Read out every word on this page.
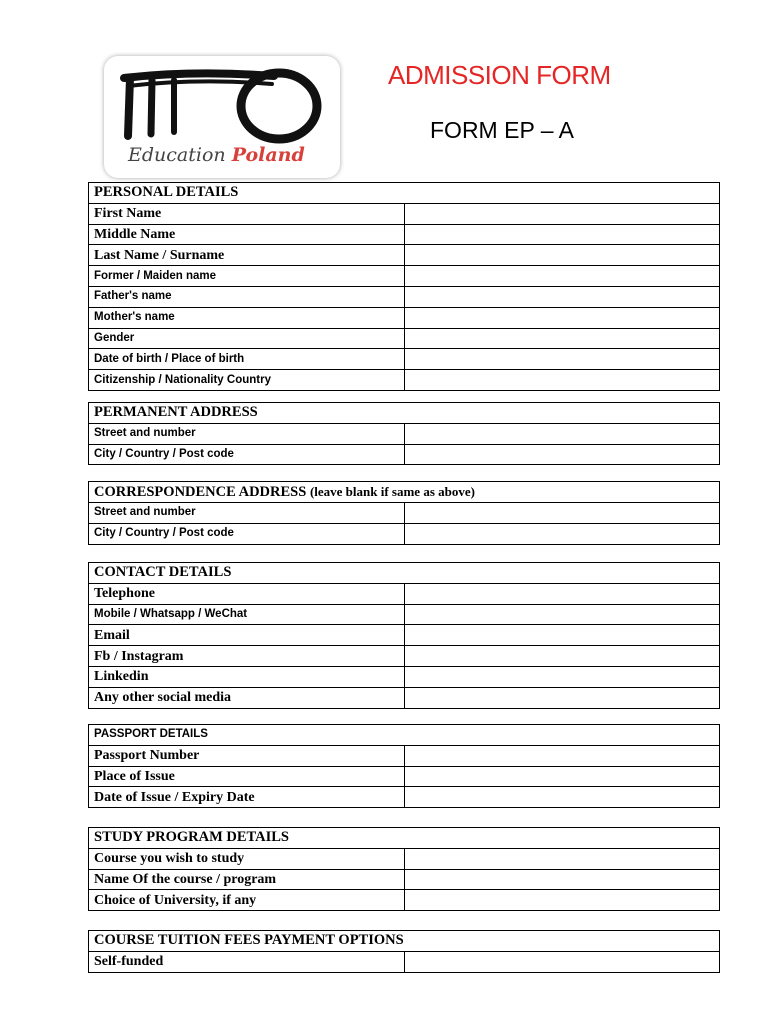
Education Poland
ADMISSION FORM
FORM EP – A
PERSONAL DETAILS	
First Name	
Middle Name	
Last Name / Surname	
Former / Maiden name	
Father's name	
Mother's name	
Gender	
Date of birth / Place of birth	
Citizenship / Nationality Country	
PERMANENT ADDRESS	
Street and number	
City / Country / Post code	
CORRESPONDENCE ADDRESS (leave blank if same as above)	
Street and number	
City / Country / Post code	
CONTACT DETAILS	
Telephone	
Mobile / Whatsapp / WeChat	
Email	
Fb / Instagram	
Linkedin	
Any other social media	
PASSPORT DETAILS	
Passport Number	
Place of Issue	
Date of Issue / Expiry Date	
STUDY PROGRAM DETAILS	
Course you wish to study	
Name Of the course / program	
Choice of University, if any	
COURSE TUITION FEES PAYMENT OPTIONS
Self-funded	
